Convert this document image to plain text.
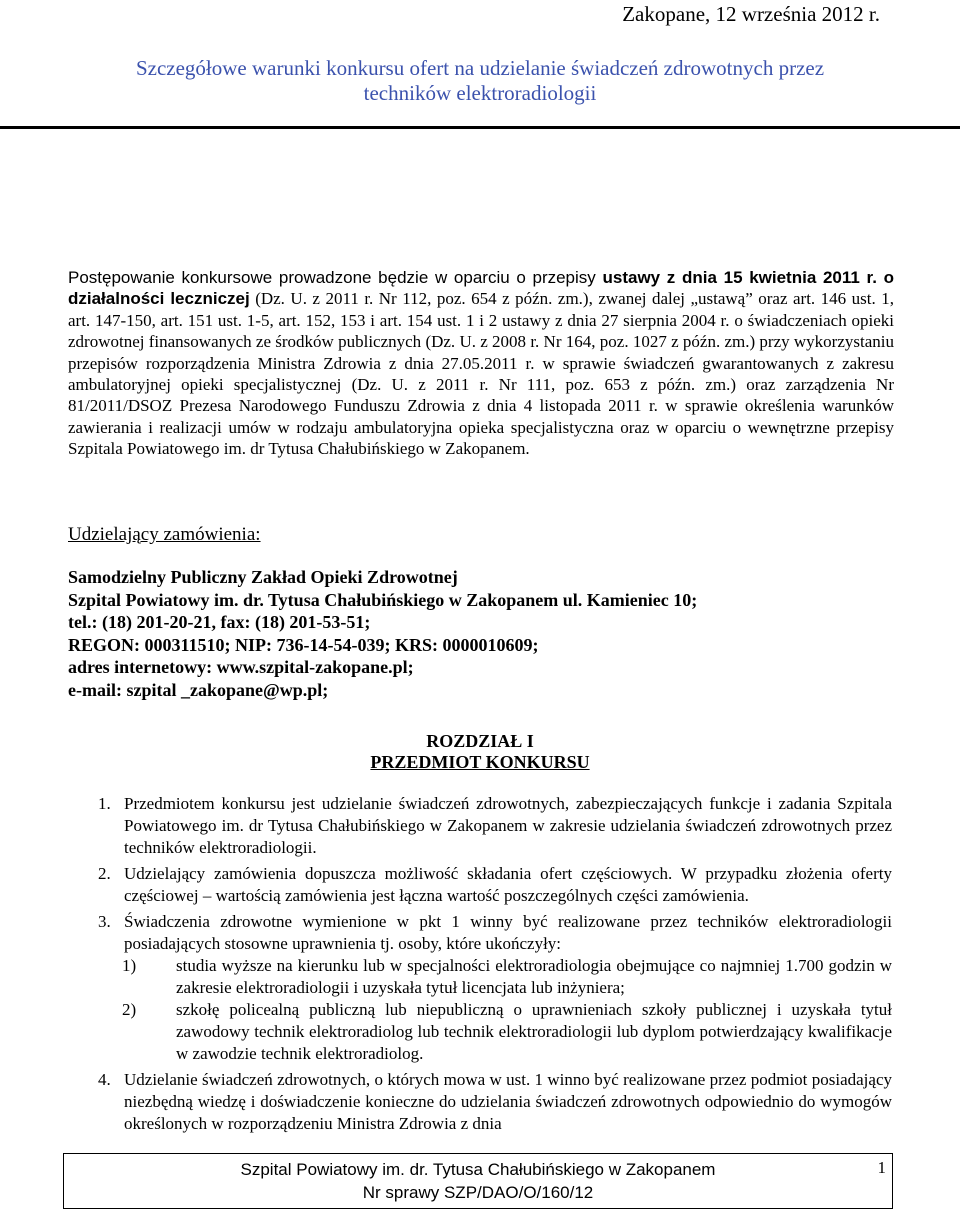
Zakopane, 12 września 2012 r.
Szczegółowe warunki konkursu ofert na udzielanie świadczeń zdrowotnych przez
techników elektroradiologii
Postępowanie konkursowe prowadzone będzie w oparciu o przepisy ustawy z dnia 15 kwietnia 2011 r. o działalności leczniczej (Dz. U. z 2011 r. Nr 112, poz. 654 z późn. zm.), zwanej dalej „ustawą” oraz art. 146 ust. 1, art. 147-150, art. 151 ust. 1-5, art. 152, 153 i art. 154 ust. 1 i 2 ustawy z dnia 27 sierpnia 2004 r. o świadczeniach opieki zdrowotnej finansowanych ze środków publicznych (Dz. U. z 2008 r. Nr 164, poz. 1027 z późn. zm.) przy wykorzystaniu przepisów rozporządzenia Ministra Zdrowia z dnia 27.05.2011 r. w sprawie świadczeń gwarantowanych z zakresu ambulatoryjnej opieki specjalistycznej (Dz. U. z 2011 r. Nr 111, poz. 653 z późn. zm.) oraz zarządzenia Nr 81/2011/DSOZ Prezesa Narodowego Funduszu Zdrowia z dnia 4 listopada 2011 r. w sprawie określenia warunków zawierania i realizacji umów w rodzaju ambulatoryjna opieka specjalistyczna oraz w oparciu o wewnętrzne przepisy Szpitala Powiatowego im. dr Tytusa Chałubińskiego w Zakopanem.
Udzielający zamówienia:
Samodzielny Publiczny Zakład Opieki Zdrowotnej
Szpital Powiatowy im. dr. Tytusa Chałubińskiego w Zakopanem ul. Kamieniec 10;
tel.: (18) 201-20-21, fax: (18) 201-53-51;
REGON: 000311510; NIP: 736-14-54-039; KRS: 0000010609;
adres internetowy: www.szpital-zakopane.pl;
e-mail: szpital _zakopane@wp.pl;
ROZDZIAŁ I
PRZEDMIOT KONKURSU
1. Przedmiotem konkursu jest udzielanie świadczeń zdrowotnych, zabezpieczających funkcje i zadania Szpitala Powiatowego im. dr Tytusa Chałubińskiego w Zakopanem w zakresie udzielania świadczeń zdrowotnych przez techników elektroradiologii.
2. Udzielający zamówienia dopuszcza możliwość składania ofert częściowych. W przypadku złożenia oferty częściowej – wartością zamówienia jest łączna wartość poszczególnych części zamówienia.
3. Świadczenia zdrowotne wymienione w pkt 1 winny być realizowane przez techników elektroradiologii posiadających stosowne uprawnienia tj. osoby, które ukończyły:
1) studia wyższe na kierunku lub w specjalności elektroradiologia obejmujące co najmniej 1.700 godzin w zakresie elektroradiologii i uzyskała tytuł licencjata lub inżyniera;
2) szkołę policealną publiczną lub niepubliczną o uprawnieniach szkoły publicznej i uzyskała tytuł zawodowy technik elektroradiolog lub technik elektroradiologii lub dyplom potwierdzający kwalifikacje w zawodzie technik elektroradiolog.
4. Udzielanie świadczeń zdrowotnych, o których mowa w ust. 1 winno być realizowane przez podmiot posiadający niezbędną wiedzę i doświadczenie konieczne do udzielania świadczeń zdrowotnych odpowiednio do wymogów określonych w rozporządzeniu Ministra Zdrowia z dnia
Szpital Powiatowy im. dr. Tytusa Chałubińskiego w Zakopanem
Nr sprawy SZP/DAO/O/160/12
1
